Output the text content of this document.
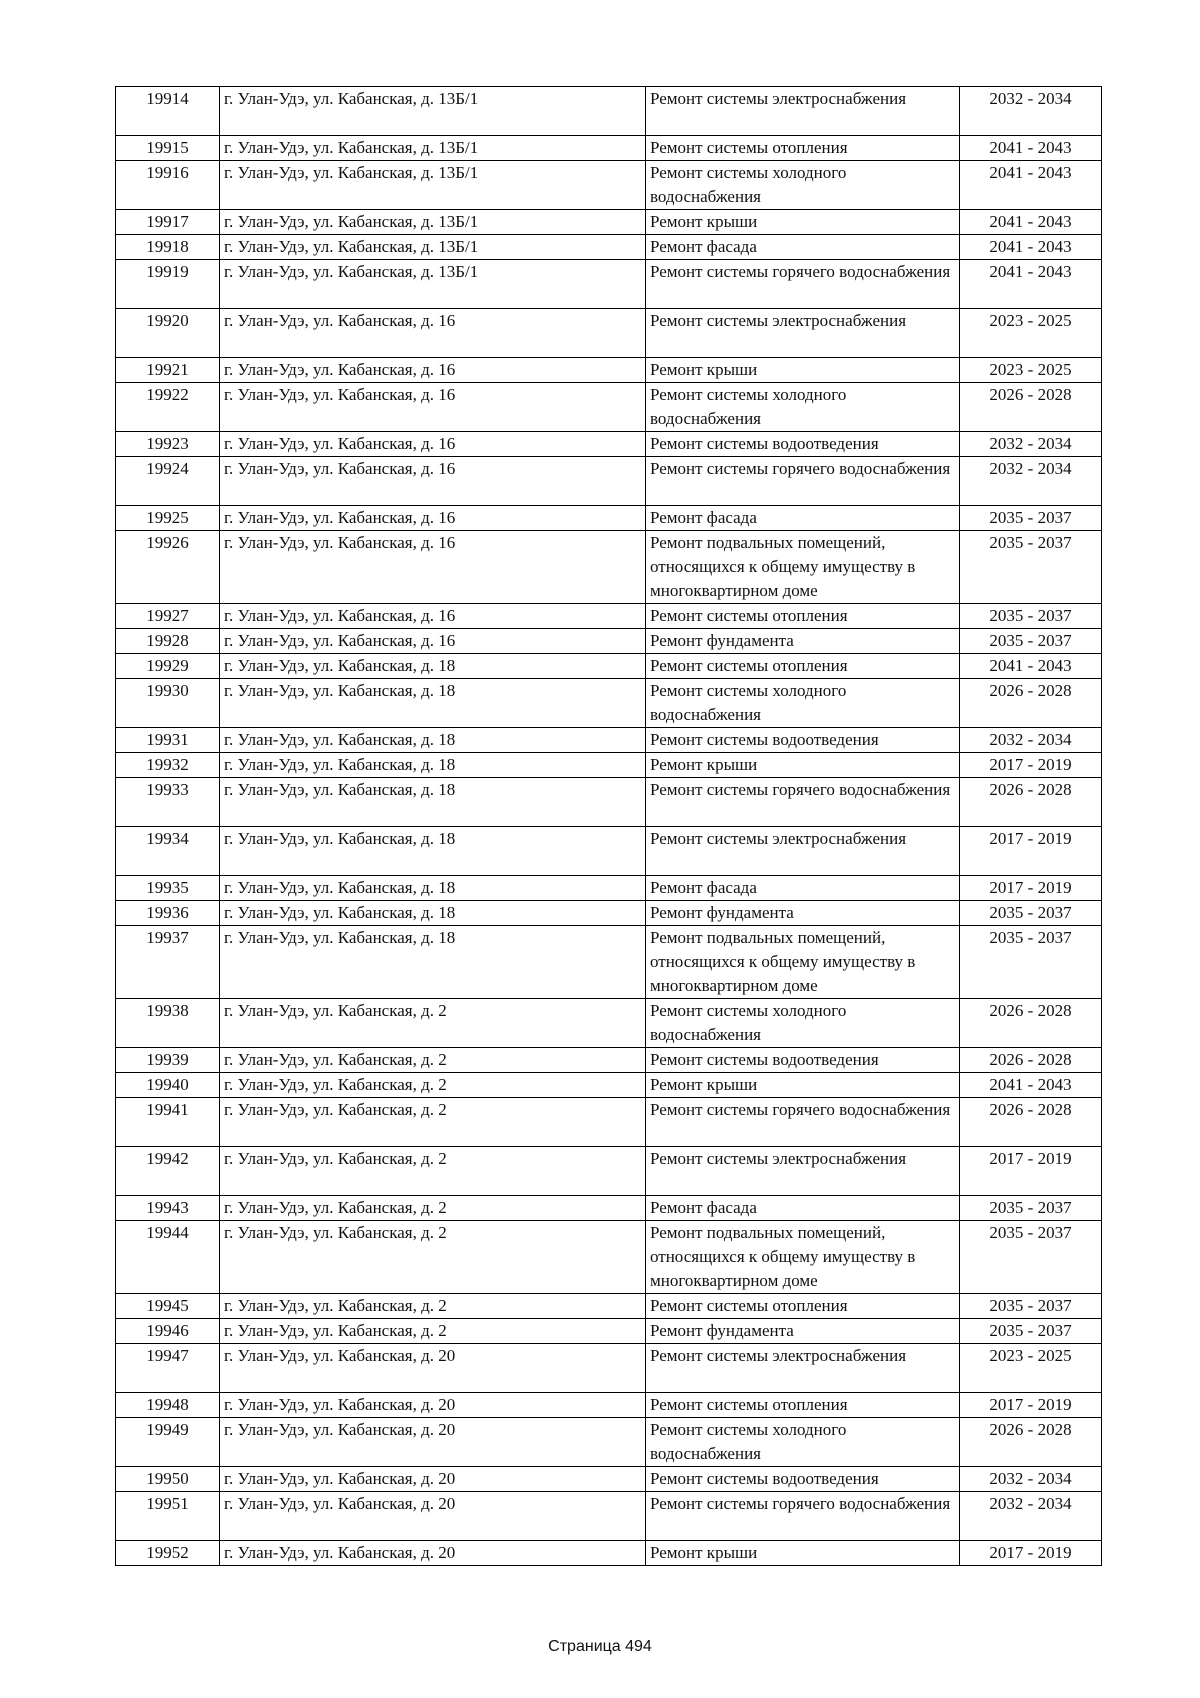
19914	г. Улан-Удэ, ул. Кабанская, д. 13Б/1	Ремонт системы электроснабжения	2032 - 2034
19915	г. Улан-Удэ, ул. Кабанская, д. 13Б/1	Ремонт системы отопления	2041 - 2043
19916	г. Улан-Удэ, ул. Кабанская, д. 13Б/1	Ремонт системы холодного водоснабжения	2041 - 2043
19917	г. Улан-Удэ, ул. Кабанская, д. 13Б/1	Ремонт крыши	2041 - 2043
19918	г. Улан-Удэ, ул. Кабанская, д. 13Б/1	Ремонт фасада	2041 - 2043
19919	г. Улан-Удэ, ул. Кабанская, д. 13Б/1	Ремонт системы горячего водоснабжения	2041 - 2043
19920	г. Улан-Удэ, ул. Кабанская, д. 16	Ремонт системы электроснабжения	2023 - 2025
19921	г. Улан-Удэ, ул. Кабанская, д. 16	Ремонт крыши	2023 - 2025
19922	г. Улан-Удэ, ул. Кабанская, д. 16	Ремонт системы холодного водоснабжения	2026 - 2028
19923	г. Улан-Удэ, ул. Кабанская, д. 16	Ремонт системы водоотведения	2032 - 2034
19924	г. Улан-Удэ, ул. Кабанская, д. 16	Ремонт системы горячего водоснабжения	2032 - 2034
19925	г. Улан-Удэ, ул. Кабанская, д. 16	Ремонт фасада	2035 - 2037
19926	г. Улан-Удэ, ул. Кабанская, д. 16	Ремонт подвальных помещений, относящихся к общему имуществу в многоквартирном доме	2035 - 2037
19927	г. Улан-Удэ, ул. Кабанская, д. 16	Ремонт системы отопления	2035 - 2037
19928	г. Улан-Удэ, ул. Кабанская, д. 16	Ремонт фундамента	2035 - 2037
19929	г. Улан-Удэ, ул. Кабанская, д. 18	Ремонт системы отопления	2041 - 2043
19930	г. Улан-Удэ, ул. Кабанская, д. 18	Ремонт системы холодного водоснабжения	2026 - 2028
19931	г. Улан-Удэ, ул. Кабанская, д. 18	Ремонт системы водоотведения	2032 - 2034
19932	г. Улан-Удэ, ул. Кабанская, д. 18	Ремонт крыши	2017 - 2019
19933	г. Улан-Удэ, ул. Кабанская, д. 18	Ремонт системы горячего водоснабжения	2026 - 2028
19934	г. Улан-Удэ, ул. Кабанская, д. 18	Ремонт системы электроснабжения	2017 - 2019
19935	г. Улан-Удэ, ул. Кабанская, д. 18	Ремонт фасада	2017 - 2019
19936	г. Улан-Удэ, ул. Кабанская, д. 18	Ремонт фундамента	2035 - 2037
19937	г. Улан-Удэ, ул. Кабанская, д. 18	Ремонт подвальных помещений, относящихся к общему имуществу в многоквартирном доме	2035 - 2037
19938	г. Улан-Удэ, ул. Кабанская, д. 2	Ремонт системы холодного водоснабжения	2026 - 2028
19939	г. Улан-Удэ, ул. Кабанская, д. 2	Ремонт системы водоотведения	2026 - 2028
19940	г. Улан-Удэ, ул. Кабанская, д. 2	Ремонт крыши	2041 - 2043
19941	г. Улан-Удэ, ул. Кабанская, д. 2	Ремонт системы горячего водоснабжения	2026 - 2028
19942	г. Улан-Удэ, ул. Кабанская, д. 2	Ремонт системы электроснабжения	2017 - 2019
19943	г. Улан-Удэ, ул. Кабанская, д. 2	Ремонт фасада	2035 - 2037
19944	г. Улан-Удэ, ул. Кабанская, д. 2	Ремонт подвальных помещений, относящихся к общему имуществу в многоквартирном доме	2035 - 2037
19945	г. Улан-Удэ, ул. Кабанская, д. 2	Ремонт системы отопления	2035 - 2037
19946	г. Улан-Удэ, ул. Кабанская, д. 2	Ремонт фундамента	2035 - 2037
19947	г. Улан-Удэ, ул. Кабанская, д. 20	Ремонт системы электроснабжения	2023 - 2025
19948	г. Улан-Удэ, ул. Кабанская, д. 20	Ремонт системы отопления	2017 - 2019
19949	г. Улан-Удэ, ул. Кабанская, д. 20	Ремонт системы холодного водоснабжения	2026 - 2028
19950	г. Улан-Удэ, ул. Кабанская, д. 20	Ремонт системы водоотведения	2032 - 2034
19951	г. Улан-Удэ, ул. Кабанская, д. 20	Ремонт системы горячего водоснабжения	2032 - 2034
19952	г. Улан-Удэ, ул. Кабанская, д. 20	Ремонт крыши	2017 - 2019
Страница 494
